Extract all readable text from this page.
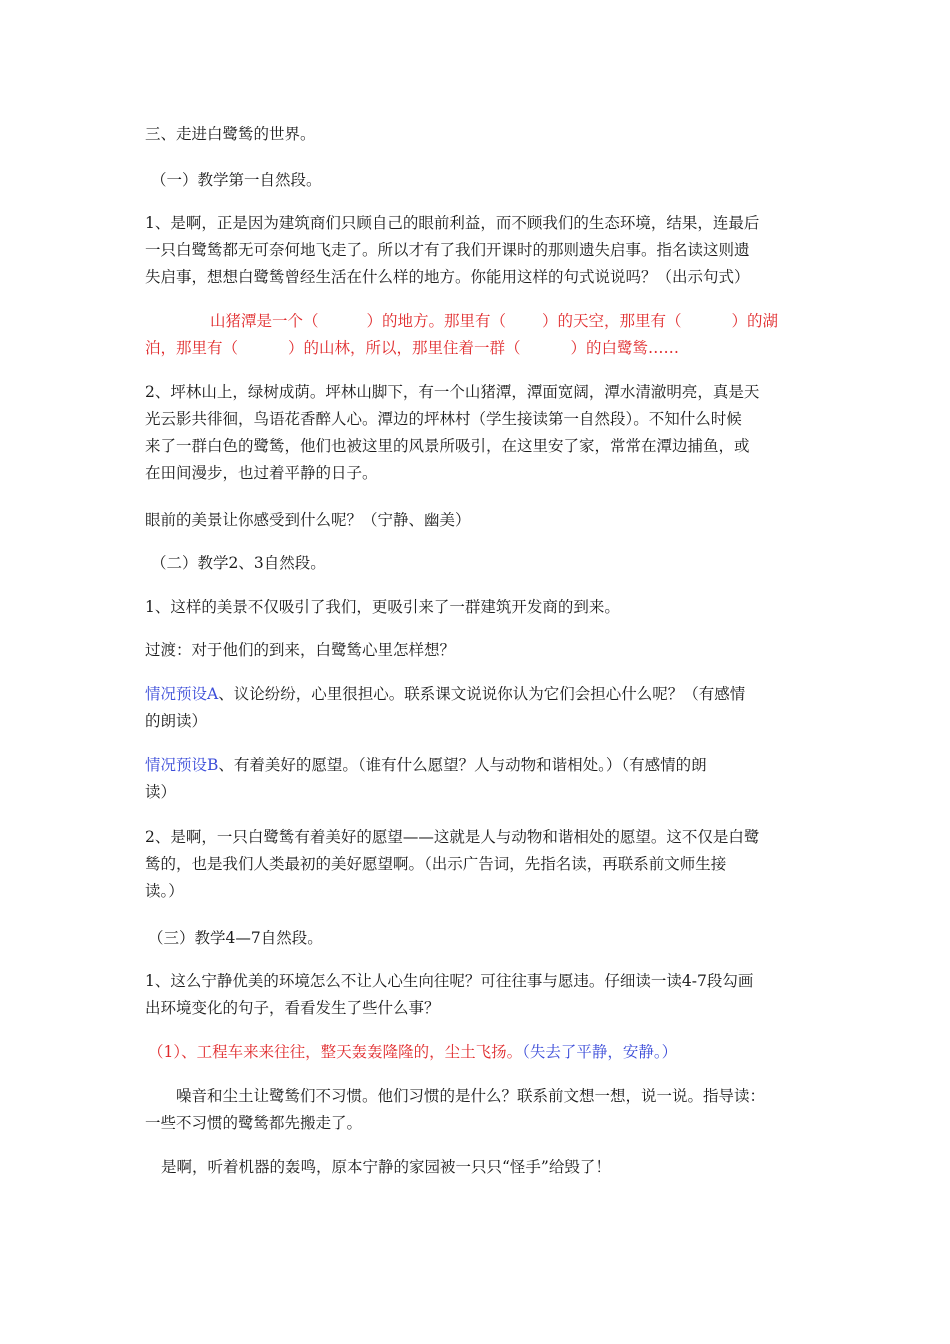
三、走进白鹭鸶的世界。

（一）教学第一自然段。

1、是啊，正是因为建筑商们只顾自己的眼前利益，而不顾我们的生态环境，结果，连最后
一只白鹭鸶都无可奈何地飞走了。所以才有了我们开课时的那则遗失启事。指名读这则遗
失启事，想想白鹭鸶曾经生活在什么样的地方。你能用这样的句式说说吗？（出示句式）
山猪潭是一个（	）的地方。那里有（ ）的天空，那里有（	）的湖
泊，那里有（	）的山林，所以，那里住着一群（	）的白鹭鸶……
2、坪林山上，绿树成荫。坪林山脚下，有一个山猪潭，潭面宽阔，潭水清澈明亮，真是天
光云影共徘徊，鸟语花香醉人心。潭边的坪林村（学生接读第一自然段）。不知什么时候
来了一群白色的鹭鸶，他们也被这里的风景所吸引，在这里安了家，常常在潭边捕鱼，或
在田间漫步，也过着平静的日子。

眼前的美景让你感受到什么呢？（宁静、幽美）

（二）教学2、3自然段。

1、这样的美景不仅吸引了我们，更吸引来了一群建筑开发商的到来。

过渡：对于他们的到来，白鹭鸶心里怎样想？

情况预设A、议论纷纷，心里很担心。联系课文说说你认为它们会担心什么呢？（有感情
的朗读）
情况预设B、有着美好的愿望。（谁有什么愿望？人与动物和谐相处。）（有感情的朗
读）
2、是啊，一只白鹭鸶有着美好的愿望——这就是人与动物和谐相处的愿望。这不仅是白鹭
鸶的，也是我们人类最初的美好愿望啊。（出示广告词，先指名读，再联系前文师生接
读。）

（三）教学4—7自然段。

1、这么宁静优美的环境怎么不让人心生向往呢？可往往事与愿违。仔细读一读4-7段勾画
出环境变化的句子，看看发生了些什么事？

（1）、工程车来来往往，整天轰轰隆隆的，尘土飞扬。（失去了平静，安静。）

噪音和尘土让鹭鸶们不习惯。他们习惯的是什么？联系前文想一想，说一说。指导读：
一些不习惯的鹭鸶都先搬走了。

是啊，听着机器的轰鸣，原本宁静的家园被一只只“怪手”给毁了！
